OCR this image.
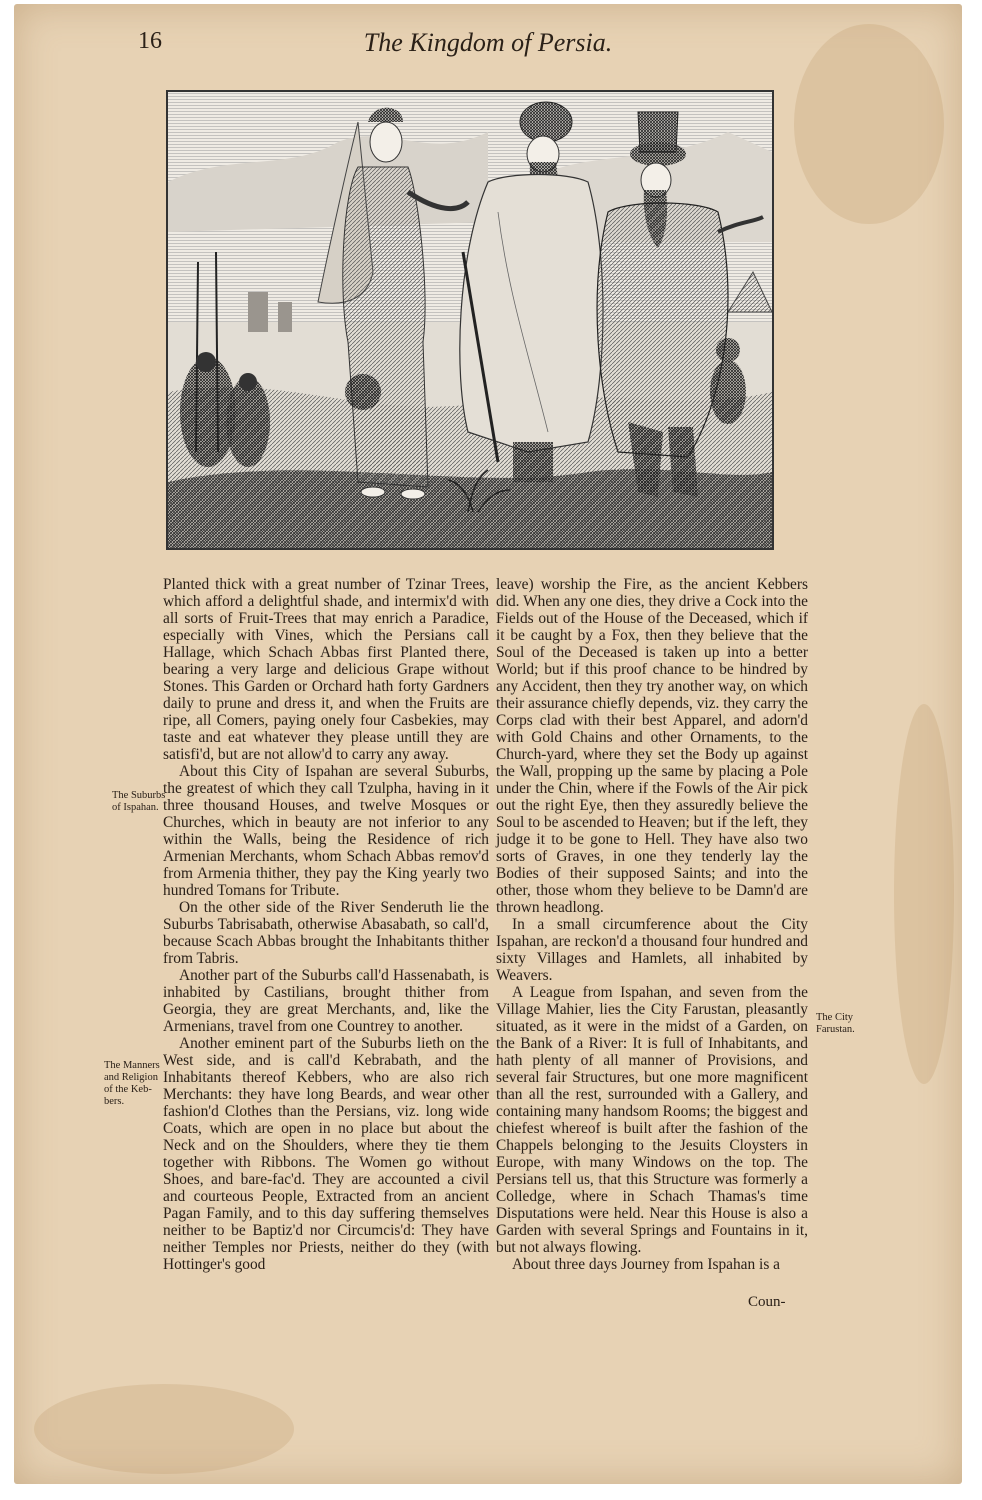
16	The Kingdom of Persia.

Planted thick with a great number of Tzinar Trees, which afford a delightful shade, and intermix'd with all sorts of Fruit-Trees that may enrich a Paradice, especially with Vines, which the Persians call Hallage, which Schach Abbas first Planted there, bearing a very large and delicious Grape without Stones. This Garden or Orchard hath forty Gardners daily to prune and dress it, and when the Fruits are ripe, all Comers, paying onely four Casbekies, may taste and eat whatever they please untill they are satisfi'd, but are not allow'd to carry any away.

About this City of Ispahan are several Suburbs, the greatest of which they call Tzulpha, having in it three thousand Houses, and twelve Mosques or Churches, which in beauty are not inferior to any within the Walls, being the Residence of rich Armenian Merchants, whom Schach Abbas remov'd from Armenia thither, they pay the King yearly two hundred Tomans for Tribute.

On the other side of the River Senderuth lie the Suburbs Tabrisabath, otherwise Abasabath, so call'd, because Scach Abbas brought the Inhabitants thither from Tabris.

Another part of the Suburbs call'd Hassenabath, is inhabited by Castilians, brought thither from Georgia, they are great Merchants, and, like the Armenians, travel from one Countrey to another.

Another eminent part of the Suburbs lieth on the West side, and is call'd Kebrabath, and the Inhabitants thereof Kebbers, who are also rich Merchants: they have long Beards, and wear other fashion'd Clothes than the Persians, viz. long wide Coats, which are open in no place but about the Neck and on the Shoulders, where they tie them together with Ribbons. The Women go without Shoes, and bare-fac'd. They are accounted a civil and courteous People, Extracted from an ancient Pagan Family, and to this day suffering themselves neither to be Baptiz'd nor Circumcis'd: They have neither Temples nor Priests, neither do they (with Hottinger's good

leave) worship the Fire, as the ancient Kebbers did. When any one dies, they drive a Cock into the Fields out of the House of the Deceased, which if it be caught by a Fox, then they believe that the Soul of the Deceased is taken up into a better World; but if this proof chance to be hindred by any Accident, then they try another way, on which their assurance chiefly depends, viz. they carry the Corps clad with their best Apparel, and adorn'd with Gold Chains and other Ornaments, to the Church-yard, where they set the Body up against the Wall, propping up the same by placing a Pole under the Chin, where if the Fowls of the Air pick out the right Eye, then they assuredly believe the Soul to be ascended to Heaven; but if the left, they judge it to be gone to Hell. They have also two sorts of Graves, in one they tenderly lay the Bodies of their supposed Saints; and into the other, those whom they believe to be Damn'd are thrown headlong.

In a small circumference about the City Ispahan, are reckon'd a thousand four hundred and sixty Villages and Hamlets, all inhabited by Weavers.

A League from Ispahan, and seven from the Village Mahier, lies the City Farustan, pleasantly situated, as it were in the midst of a Garden, on the Bank of a River: It is full of Inhabitants, and hath plenty of all manner of Provisions, and several fair Structures, but one more magnificent than all the rest, surrounded with a Gallery, and containing many handsom Rooms; the biggest and chiefest whereof is built after the fashion of the Chappels belonging to the Jesuits Cloysters in Europe, with many Windows on the top. The Persians tell us, that this Structure was formerly a Colledge, where in Schach Thamas's time Disputations were held. Near this House is also a Garden with several Springs and Fountains in it, but not always flowing.

About three days Journey from Ispahan is a

Coun-
The Suburbs
of Ispahan.
The Manners
and Religion
of the Keb-
bers.
The City
Farustan.
